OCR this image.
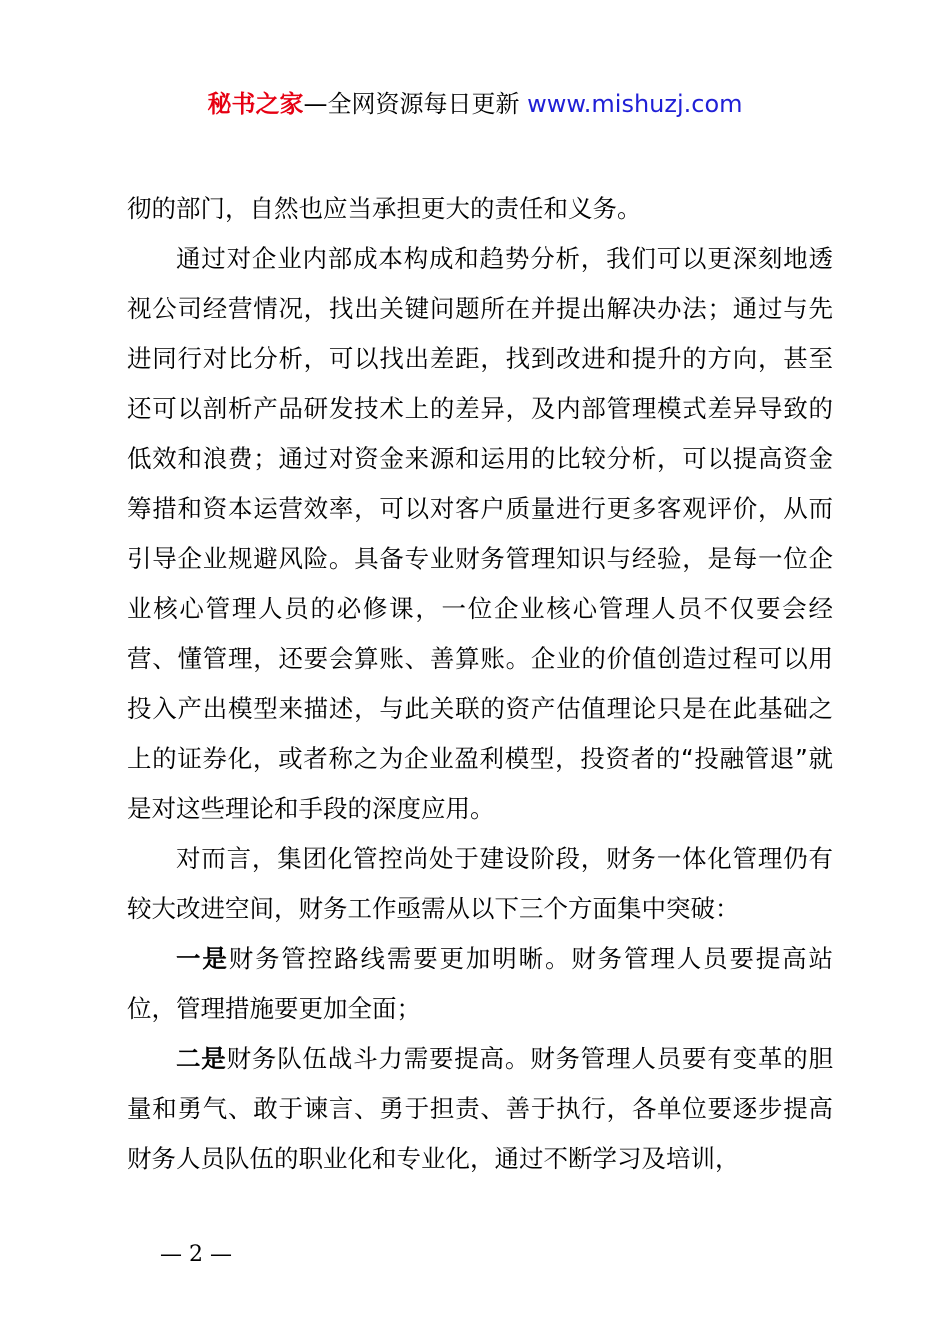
秘书之家—全网资源每日更新 www.mishuzj.com

彻的部门，自然也应当承担更大的责任和义务。

通过对企业内部成本构成和趋势分析，我们可以更深刻地透视公司经营情况，找出关键问题所在并提出解决办法；通过与先进同行对比分析，可以找出差距，找到改进和提升的方向，甚至还可以剖析产品研发技术上的差异，及内部管理模式差异导致的低效和浪费；通过对资金来源和运用的比较分析，可以提高资金筹措和资本运营效率，可以对客户质量进行更多客观评价，从而引导企业规避风险。具备专业财务管理知识与经验，是每一位企业核心管理人员的必修课，一位企业核心管理人员不仅要会经营、懂管理，还要会算账、善算账。企业的价值创造过程可以用投入产出模型来描述，与此关联的资产估值理论只是在此基础之上的证券化，或者称之为企业盈利模型，投资者的“投融管退”就是对这些理论和手段的深度应用。

对而言，集团化管控尚处于建设阶段，财务一体化管理仍有较大改进空间，财务工作亟需从以下三个方面集中突破：

一是财务管控路线需要更加明晰。财务管理人员要提高站位，管理措施要更加全面；

二是财务队伍战斗力需要提高。财务管理人员要有变革的胆量和勇气、敢于谏言、勇于担责、善于执行，各单位要逐步提高财务人员队伍的职业化和专业化，通过不断学习及培训，

— 2 —
